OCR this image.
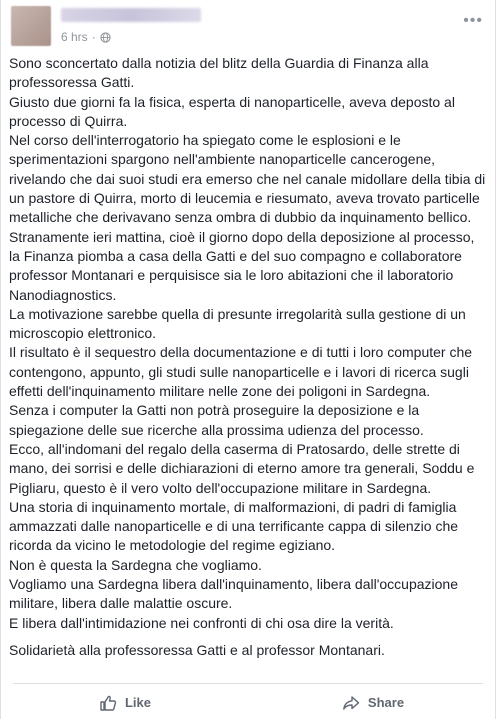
6 hrs ·
•••

Sono sconcertato dalla notizia del blitz della Guardia di Finanza alla professoressa Gatti.

Giusto due giorni fa la fisica, esperta di nanoparticelle, aveva deposto al processo di Quirra.

Nel corso dell'interrogatorio ha spiegato come le esplosioni e le sperimentazioni spargono nell'ambiente nanoparticelle cancerogene, rivelando che dai suoi studi era emerso che nel canale midollare della tibia di un pastore di Quirra, morto di leucemia e riesumato, aveva trovato particelle metalliche che derivavano senza ombra di dubbio da inquinamento bellico.

Stranamente ieri mattina, cioè il giorno dopo della deposizione al processo, la Finanza piomba a casa della Gatti e del suo compagno e collaboratore professor Montanari e perquisisce sia le loro abitazioni che il laboratorio Nanodiagnostics.

La motivazione sarebbe quella di presunte irregolarità sulla gestione di un microscopio elettronico.

Il risultato è il sequestro della documentazione e di tutti i loro computer che contengono, appunto, gli studi sulle nanoparticelle e i lavori di ricerca sugli effetti dell'inquinamento militare nelle zone dei poligoni in Sardegna.

Senza i computer la Gatti non potrà proseguire la deposizione e la spiegazione delle sue ricerche alla prossima udienza del processo.

Ecco, all'indomani del regalo della caserma di Pratosardo, delle strette di mano, dei sorrisi e delle dichiarazioni di eterno amore tra generali, Soddu e Pigliaru, questo è il vero volto dell'occupazione militare in Sardegna.

Una storia di inquinamento mortale, di malformazioni, di padri di famiglia ammazzati dalle nanoparticelle e di una terrificante cappa di silenzio che ricorda da vicino le metodologie del regime egiziano.

Non è questa la Sardegna che vogliamo.

Vogliamo una Sardegna libera dall'inquinamento, libera dall'occupazione militare, libera dalle malattie oscure.

E libera dall'intimidazione nei confronti di chi osa dire la verità.

Solidarietà alla professoressa Gatti e al professor Montanari.

Like	Share
